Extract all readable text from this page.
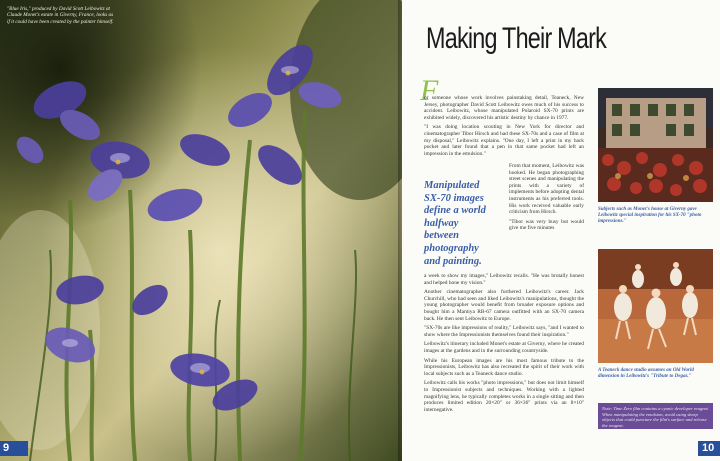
"Blue Iris," produced by David Scott Leibowitz at Claude Monet's estate in Giverny, France, looks as if it could have been created by the painter himself.
9
Making Their Mark
F

or someone whose work involves painstaking detail, Teaneck, New Jersey, photographer David Scott Leibowitz owes much of his success to accident. Leibowitz, whose manipulated Polaroid SX-70 prints are exhibited widely, discovered his artistic destiny by chance in 1977.

"I was doing location scouting in New York for director and cinematographer Tibor Hirsch and had these SX-70s and a case of film at my disposal," Leibowitz explains. "One day, I left a print in my back pocket and later found that a pen in that same pocket had left an impression in the emulsion."

Manipulated SX-70 images define a world halfway between photography and painting.

From that moment, Leibowitz was hooked. He began photographing street scenes and manipulating the prints with a variety of implements before adopting dental instruments as his preferred tools. His work received valuable early criticism from Hirsch.

"Tibor was very busy but would give me five minutes

a week to show my images," Leibowitz recalls. "He was brutally honest and helped hone my vision."

Another cinematographer also furthered Leibowitz's career. Jack Churchill, who had seen and liked Leibowitz's manipulations, thought the young photographer would benefit from broader exposure options and bought him a Mamiya RB-67 camera outfitted with an SX-70 camera back. He then sent Leibowitz to Europe.

"SX-70s are like impressions of reality," Leibowitz says, "and I wanted to show where the Impressionists themselves found their inspiration."

Leibowitz's itinerary included Monet's estate at Giverny, where he created images at the gardens and in the surrounding countryside.

While his European images are his most famous tribute to the Impressionists, Leibowitz has also recreated the spirit of their work with local subjects such as a Teaneck dance studio.

Leibowitz calls his works "photo impressions," but does not limit himself to Impressionist subjects and techniques. Working with a lighted magnifying lens, he typically completes works in a single sitting and then produces limited edition 20×20" or 36×36" prints via an 8×10" internegative.

Subjects such as Monet's house at Giverny gave Leibowitz special inspiration for his SX-70 "photo impressions."
A Teaneck dance studio assumes an Old World dimension in Leibowitz's "Tribute to Degas."
Note: Time Zero film contains a cyanic developer reagent. When manipulating the emulsion, avoid using sharp objects that could puncture the film's surface and release the reagent.
10
